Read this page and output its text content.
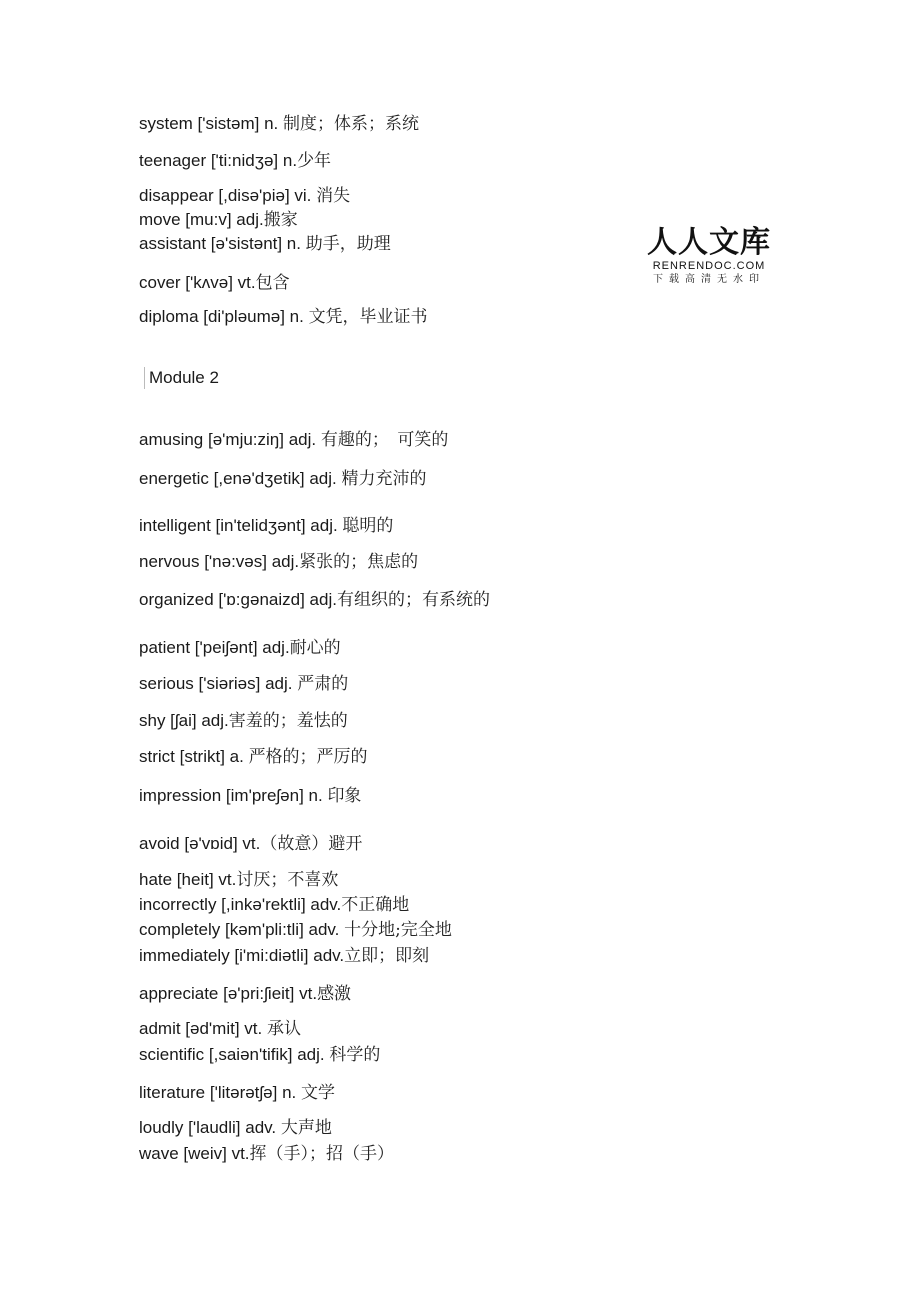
人人文库
RENRENDOC.COM
下载高清无水印
system ['sistəm] n. 制度；体系；系统
teenager ['ti:nidʒə] n.少年
disappear [,disə'piə] vi. 消失
move [mu:v] adj.搬家
assistant [ə'sistənt] n. 助手，助理
cover ['kʌvə] vt.包含
diploma [di'pləumə] n. 文凭，毕业证书
Module 2
amusing [ə'mju:ziŋ] adj. 有趣的；　可笑的
energetic [,enə'dʒetik] adj. 精力充沛的
intelligent [in'telidʒənt] adj. 聪明的
nervous ['nə:vəs] adj.紧张的；焦虑的
organized ['ɒ:gənaizd] adj.有组织的；有系统的
patient ['peiʃənt] adj.耐心的
serious ['siəriəs] adj. 严肃的
shy [ʃai] adj.害羞的；羞怯的
strict [strikt] a. 严格的；严厉的
impression [im'preʃən] n. 印象
avoid [ə'vɒid] vt.（故意）避开
hate [heit] vt.讨厌；不喜欢
incorrectly [,inkə'rektli] adv.不正确地
completely [kəm'pli:tli] adv. 十分地;完全地
immediately [i'mi:diətli] adv.立即；即刻
appreciate [ə'pri:ʃieit] vt.感激
admit [əd'mit] vt. 承认
scientific [,saiən'tifik] adj. 科学的
literature ['litərətʃə] n. 文学
loudly ['laudli] adv. 大声地
wave [weiv] vt.挥（手）；招（手）
